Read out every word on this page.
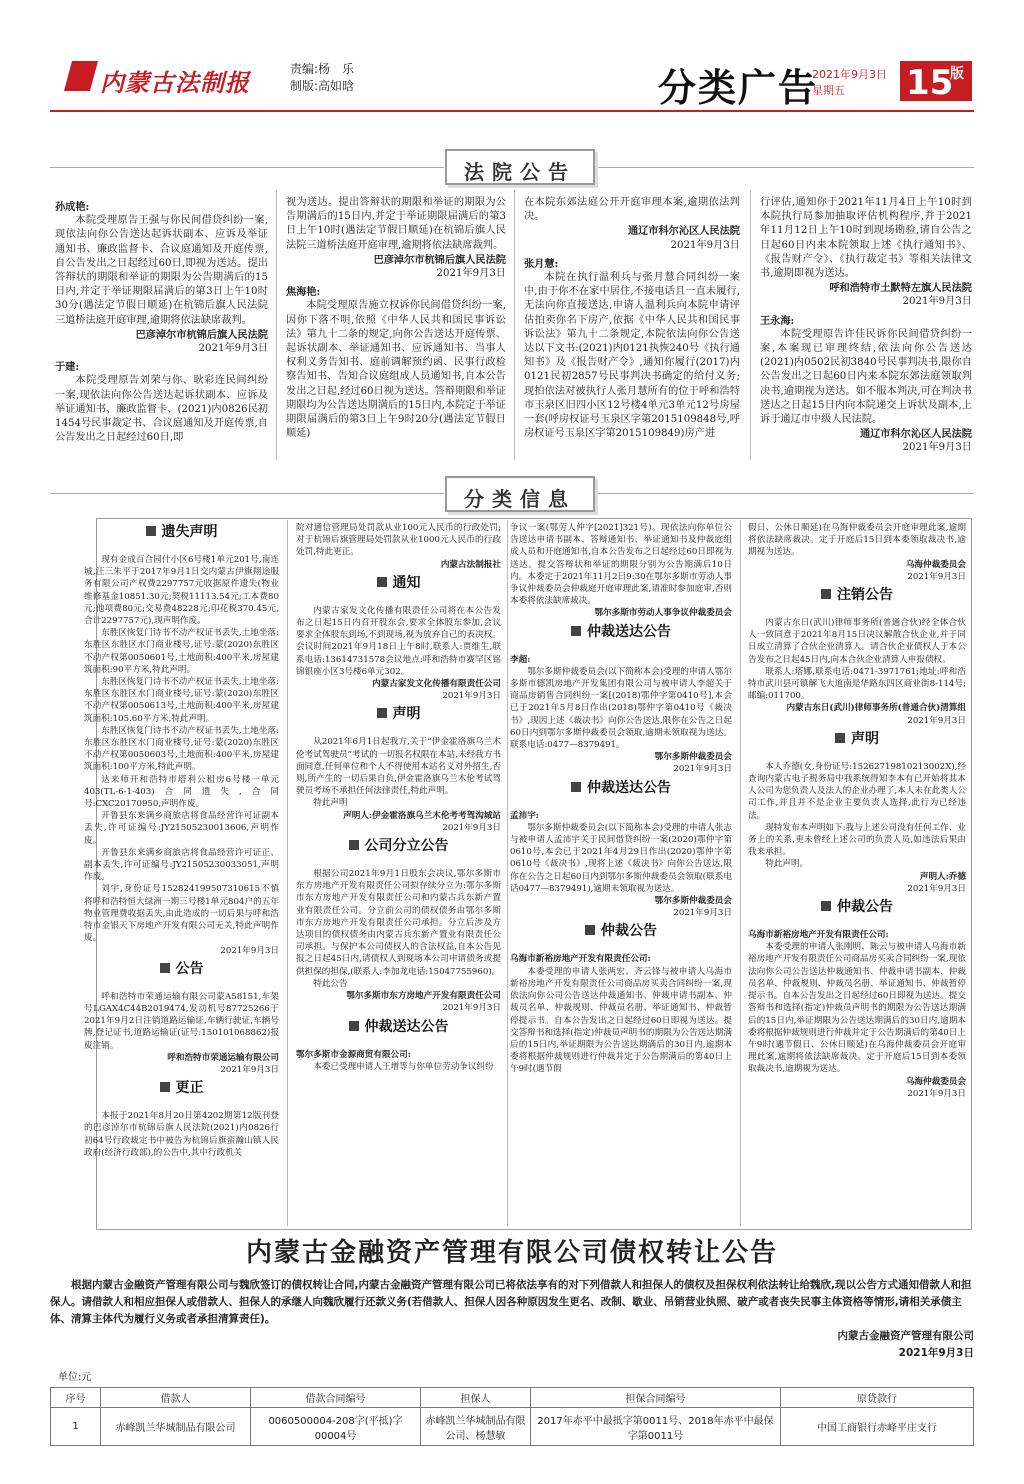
内蒙古法制报	责编:杨　乐
制版:高如晗	分类广告
2021年9月3日
星期五	15
版
法院公告

孙成艳:

本院受理原告王强与你民间借贷纠纷一案,现依法向你公告送达起诉状副本、应诉及举证通知书、廉政监督卡、合议庭通知及开庭传票,自公告发出之日起经过60日,即视为送达。提出答辩状的期限和举证的期限为公告期满后的15日内,并定于举证期限届满后的第3日上午10时30分(遇法定节假日顺延)在杭锦后旗人民法院三道桥法庭开庭审理,逾期将依法缺席裁判。

巴彦淖尔市杭锦后旗人民法院

2021年9月3日

于建:

本院受理原告刘荣与你、耿彩连民间纠纷一案,现依法向你公告送达起诉状副本、应诉及举证通知书、廉政监督卡、(2021)内0826民初1454号民事裁定书、合议庭通知及开庭传票,自公告发出之日起经过60日,即

视为送达。提出答辩状的期限和举证的期限为公告期满后的15日内,并定于举证期限届满后的第3日上午10时(遇法定节假日顺延)在杭锦后旗人民法院三道桥法庭开庭审理,逾期将依法缺席裁判。

巴彦淖尔市杭锦后旗人民法院

2021年9月3日

焦海艳:

本院受理原告施立权诉你民间借贷纠纷一案,因你下落不明,依照《中华人民共和国民事诉讼法》第九十二条的规定,向你公告送达开庭传票、起诉状副本、举证通知书、应诉通知书、当事人权利义务告知书、庭前调解预约函、民事行政检察告知书、告知合议庭组成人员通知书,自本公告发出之日起,经过60日视为送达。答辩期限和举证期限均为公告送达期满后的15日内,本院定于举证期限届满后的第3日上午9时20分(遇法定节假日顺延)

在本院东郊法庭公开开庭审理本案,逾期依法判决。

通辽市科尔沁区人民法院

2021年9月3日

张月慧:

本院在执行温利兵与张月慧合同纠纷一案中,由于你不在家中居住,不接电话且一直未履行,无法向你直接送达,申请人温利兵向本院申请评估拍卖你名下房产,依据《中华人民共和国民事诉讼法》第九十二条规定,本院依法向你公告送达以下文书:(2021)内0121执恢240号《执行通知书》及《报告财产令》,通知你履行(2017)内0121民初2857号民事判决书确定的给付义务;现拍依法对被执行人张月慧所有的位于呼和浩特市玉泉区旧四小区12号楼4单元3单元12号房屋一套(呼房权证号玉泉区字第2015109848号,呼房权证号玉泉区字第2015109849)房产进

行评估,通知你于2021年11月4日上午10时到本院执行局参加抽取评估机构程序,并于2021年11月12日上午10时到现场勘验,请自公告之日起60日内来本院领取上述《执行通知书》、《报告财产令》、《执行裁定书》等相关法律文书,逾期即视为送达。

呼和浩特市土默特左旗人民法院

2021年9月3日

王永海:

本院受理原告许佳民诉你民间借贷纠纷一案,本案现已审理终结,依法向你公告送达(2021)内0502民初3840号民事判决书,限你自公告发出之日起60日内来本院东郊法庭领取判决书,逾期视为送达。如不服本判决,可在判决书送达之日起15日内向本院递交上诉状及副本,上诉于通辽市中级人民法院。

通辽市科尔沁区人民法院

2021年9月3日

分类信息
遗失声明

现有金成百合园什小区6号楼1单元201号,南连城,汪三朱平于2017年9月1日交内蒙古伊旗翔途服务有限公司产权费2297757元收据原件遗失(物业维修基金10851.30元;契税11113.54元;工本费80元;他项费80元;交易费48228元;印花税370.45元,合计2297757元),现声明作废。

东胜区恢复门诗书不动产权证书丢失,土地坐落:东胜区东胜区水门商业楼号,证号:蒙(2020)东胜区不动产权第0050601号,土地面积:400平米,房屋建筑面积:90平方米,特此声明。

东胜区恢复门诗书不动产权证书丢失,土地坐落:东胜区东胜区水门商业楼号,证号:蒙(2020)东胜区不动产权第0050613号,土地面积:400平米,房屋建筑面积:105.60平方米,特此声明。

东胜区恢复门诗书不动产权证书丢失,土地坐落:东胜区东胜区水门商业楼号,证号:蒙(2020)东胜区不动产权第0050603号,土地面积:400平米,房屋建筑面积:100平方米,特此声明。

达来师开和浩特市塔利公租房6号楼一单元403(TL-6-1-403)合同遗失,合同号:CXC20170950,声明作废。

开鲁县东来满乡商旅店将食品经营许可证副本丢失,许可证编号:JY21505230013606,声明作废。

开鲁县东来满乡商旅店将食品经营许可证正、副本丢失,许可证编号:JY21505230033051,声明作废。

刘宇,身份证号152824199507310615不慎将呼和浩特恒大绿洲一期三号楼1单元804户的五年物业管理费收据丢失,由此造成的一切后果与呼和浩特市金银天下房地产开发有限公司无关,特此声明作废。

2021年9月3日

公告

呼和浩特市荣通运输有限公司蒙A58151,车架号LGAX4C44B2019474,发动机号87725266于2021年9月2日注销道路运输证,车辆行驶证,车辆号牌,登记证书,道路运输证(证号:150101068862)报废注销。

呼和浩特市荣通运输有限公司

2021年9月3日

更正

本报于2021年8月20日第4202期第12版刊登的巴彦淖尔市杭锦后旗人民法院(2021)内0826行初64号行政裁定书中被告为杭锦后旗蛮瀚山镇人民政府(经济行政部),的公告中,其中行政机关

院对通信管理局处罚款从业100元人民币的行政处罚;对于杭锦后旗管理局处罚款从业1000元人民币的行政处罚,特此更正。

内蒙古法制报社

通知

内蒙古家发文化传播有限责任公司将在本公告发布之日起15日内召开股东会,要求全体股东参加,会议要求全体股东到场,不到现场,视为放弃自己的表决权。会议时间2021年9月18日上午8时,联系人:贾维生,联系电话:13614731578会议地点:呼和浩特市赛罕区铭锦银座小区3号楼6单元302。

内蒙古家发文化传播有限责任公司

2021年9月3日

声明

从2021年6月1日起我方,关于“伊金霍洛旗乌兰木伦考试驾驶员”考试的一切报名权限在本站,未经我方书面同意,任何单位和个人不得使用本站名义对外招生,否则,所产生的一切后果自负,伊金霍洛旗乌兰木伦考试驾驶员考场不承担任何法律责任,特此声明。

特此声明

声明人:伊金霍洛旗乌兰木伦考考驾沟城站

2021年9月3日

公司分立公告

根据公司2021年9月1日股东会决议,鄂尔多斯市东方房地产开发有限责任公司拟存续分立为:鄂尔多斯市东方房地产开发有限责任公司和内蒙古兵东新产置业有限责任公司。分立前公司的债权债务由鄂尔多斯市东方房地产开发有限责任公司承担。分立后涉及方达项目的债权债务由内蒙古兵东新产置业有限责任公司承担。与保护本公司债权人的合法权益,自本公告见报之日起45日内,请债权人到现场本公司申请债务或提供担保的担保,(联系人:李加龙电话:15047755960)。

特此公告

鄂尔多斯市东方房地产开发有限责任公司

2021年9月3日

仲裁送达公告

鄂尔多斯市金源商贸有限公司:

本委已受理申请人王增等与你单位劳动争议纠纷

争议一案(鄂劳人仲字[2021]321号)。现依法向你单位公告送达申请书副本、答辩通知书、举证通知书及仲裁庭组成人员和开庭通知书,自本公告发布之日起经过60日即视为送达。提交答辩状和举证的期限分别为公告期满后10日内。本委定于2021年11月2日9:30在鄂尔多斯市劳动人事争议仲裁委员会仲裁庭开庭审理此案,请准时参加庭审,否则本委将依法缺席裁决。

鄂尔多斯市劳动人事争议仲裁委员会

仲裁送达公告

李超:

鄂尔多斯仲裁委员会(以下简称本会)受理的申请人鄂尔多斯市德凯房地产开发集团有限公司与被申请人李超关于商品房销售合同纠纷一案[(2018)鄂仲字第0410号],本会已于2021年5月8日作出(2018)鄂仲字第0410号《裁决书》,现因上述《裁决书》向你公告送达,限你在公告之日起60日内到鄂尔多斯仲裁委员会领取,逾期未领取视为送达。联系电话:0477—8379491。

鄂尔多斯仲裁委员会

2021年9月3日

仲裁送达公告

孟沛宇:

鄂尔多斯仲裁委员会(以下简称本会)受理的申请人张志与被申请人孟沛宇关于民间借贷纠纷一案(2020)鄂仲字第0610号,本会已于2021年4月29日作出(2020)鄂仲字第0610号《裁决书》,现将上述《裁决书》向你公告送达,限你在公告之日起60日内到鄂尔多斯仲裁委员会领取(联系电话0477—8379491),逾期未领取视为送达。

鄂尔多斯仲裁委员会

2021年9月3日

仲裁公告

乌海市新裕房地产开发有限责任公司:

本委受理的申请人张两宏、齐云锋与被申请人乌海市新裕房地产开发有限责任公司商品房买卖合同纠纷一案,现依法向你公司公告送达仲裁通知书、仲裁申请书副本、仲裁员名单、仲裁规则、仲裁员名册、举证通知书、仲裁暂停提示书。自本公告发出之日起经过60日即视为送达。提交答辩书和选择(指定)仲裁员声明书的期限为公告送达期满后的15日内,举证期限为公告送达期满后的30日内,逾期本委将根据仲裁规则进行仲裁并定于公告期满后的第40日上午9时(遇节假

假日、公休日顺延)在乌海仲裁委员会开庭审理此案,逾期将依法缺席裁决。定于开庭后15日到本委领取裁决书,逾期视为送达。

乌海仲裁委员会

2021年9月3日

注销公告

内蒙古东日(武川)律师事务所(普通合伙)经全体合伙人一致同意于2021年8月15日决议解散合伙企业,并于同日成立清算了合伙企业清算人。请合伙企业债权人于本公告发布之日起45日内,向本合伙企业清算人申报债权。

联系人:塔娜,联系电话:0471-3971761;地址:呼和浩特市武川县可镇解飞大道南是华路东四区商业街8-114号;邮编:011700。

内蒙古东日(武川)律师事务所(普通合伙)清算组

2021年9月3日

声明

本人乔德(女,身份证号:15262719810213002X),经查询内蒙古电子税务局中我系统得知李本有已开始将其本人公司为您负责人及法人的企业办理了,本人未在此类人公司工作,并且并不是企业主要负责人选择,此行为已经违法。

现特发布本声明如下:我与上述公司没有任何工作、业务上的关系,更未曾经上述公司的负责人员,如违法后果由我来承担。

特此声明。

声明人:乔德

2021年9月3日

仲裁公告

乌海市新裕房地产开发有限责任公司:

本委受理的申请人张刚明、陈云与被申请人乌海市新裕房地产开发有限责任公司商品房买卖合同纠纷一案,现依法向你公司公告送达仲裁通知书、仲裁申请书副本、仲裁员名单、仲裁规则、仲裁员名册、举证通知书、仲裁暂停提示书。自本公告发出之日起经过60日即视为送达。提交答辩书和选择(指定)仲裁员声明书的期限为公告送达期满后的15日内,举证期限为公告送达期满后的30日内,逾期本委将根据仲裁规则进行仲裁并定于公告期满后的第40日上午9时(遇节假日、公休日顺延)在乌海仲裁委员会开庭审理此案,逾期将依法缺席裁决。定于开庭后15日到本委领取裁决书,逾期视为送达。

乌海仲裁委员会

2021年9月3日

内蒙古金融资产管理有限公司债权转让公告

根据内蒙古金融资产管理有限公司与魏欣签订的债权转让合同,内蒙古金融资产管理有限公司已将依法享有的对下列借款人和担保人的债权及担保权利依法转让给魏欣,现以公告方式通知借款人和担保人。请借款人和相应担保人或借款人、担保人的承继人向魏欣履行还款义务(若借款人、担保人因各种原因发生更名、改制、歇业、吊销营业执照、破产或者丧失民事主体资格等情形,请相关承债主体、清算主体代为履行义务或者承担清算责任)。

内蒙古金融资产管理有限公司

2021年9月3日

单位:元

序号	借款人	借款合同编号	担保人	担保合同编号	原贷款行
1	赤峰凯兰华城制品有限公司	0060500004-208字(平抵)字00004号	赤峰凯兰华城制品有限公司、杨慧敏	2017年赤平中最抵字第0011号、2018年赤平中最保字第0011号	中国工商银行赤峰平庄支行
